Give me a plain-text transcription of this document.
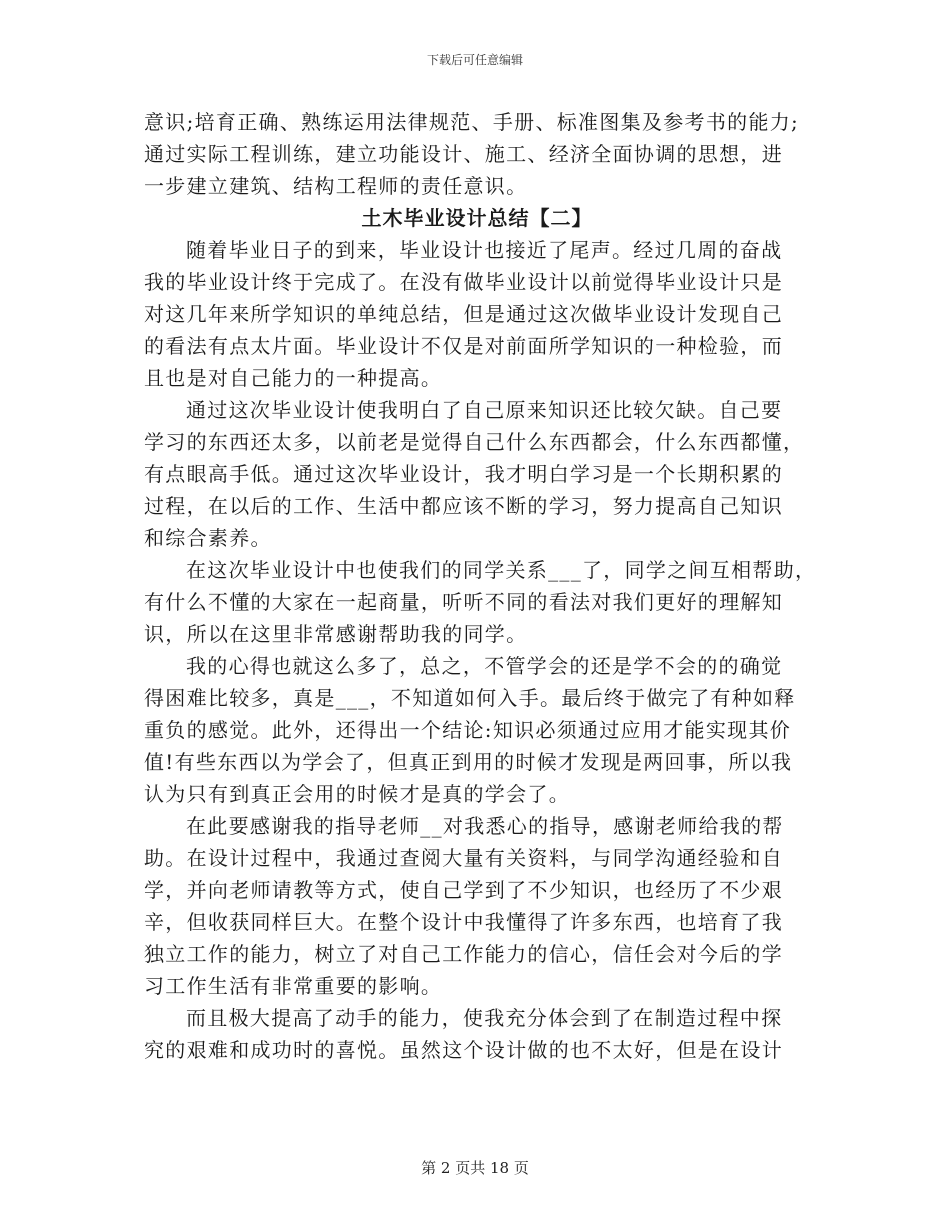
下载后可任意编辑
意识;培育正确、熟练运用法律规范、手册、标准图集及参考书的能力;
通过实际工程训练，建立功能设计、施工、经济全面协调的思想，进
一步建立建筑、结构工程师的责任意识。
土木毕业设计总结【二】
随着毕业日子的到来，毕业设计也接近了尾声。经过几周的奋战
我的毕业设计终于完成了。在没有做毕业设计以前觉得毕业设计只是
对这几年来所学知识的单纯总结，但是通过这次做毕业设计发现自己
的看法有点太片面。毕业设计不仅是对前面所学知识的一种检验，而
且也是对自己能力的一种提高。
通过这次毕业设计使我明白了自己原来知识还比较欠缺。自己要
学习的东西还太多，以前老是觉得自己什么东西都会，什么东西都懂，
有点眼高手低。通过这次毕业设计，我才明白学习是一个长期积累的
过程，在以后的工作、生活中都应该不断的学习，努力提高自己知识
和综合素养。
在这次毕业设计中也使我们的同学关系___了，同学之间互相帮助，
有什么不懂的大家在一起商量，听听不同的看法对我们更好的理解知
识，所以在这里非常感谢帮助我的同学。
我的心得也就这么多了，总之，不管学会的还是学不会的的确觉
得困难比较多，真是___，不知道如何入手。最后终于做完了有种如释
重负的感觉。此外，还得出一个结论:知识必须通过应用才能实现其价
值!有些东西以为学会了，但真正到用的时候才发现是两回事，所以我
认为只有到真正会用的时候才是真的学会了。
在此要感谢我的指导老师__对我悉心的指导，感谢老师给我的帮
助。在设计过程中，我通过查阅大量有关资料，与同学沟通经验和自
学，并向老师请教等方式，使自己学到了不少知识，也经历了不少艰
辛，但收获同样巨大。在整个设计中我懂得了许多东西，也培育了我
独立工作的能力，树立了对自己工作能力的信心，信任会对今后的学
习工作生活有非常重要的影响。
而且极大提高了动手的能力，使我充分体会到了在制造过程中探
究的艰难和成功时的喜悦。虽然这个设计做的也不太好，但是在设计
第 2 页共 18 页
